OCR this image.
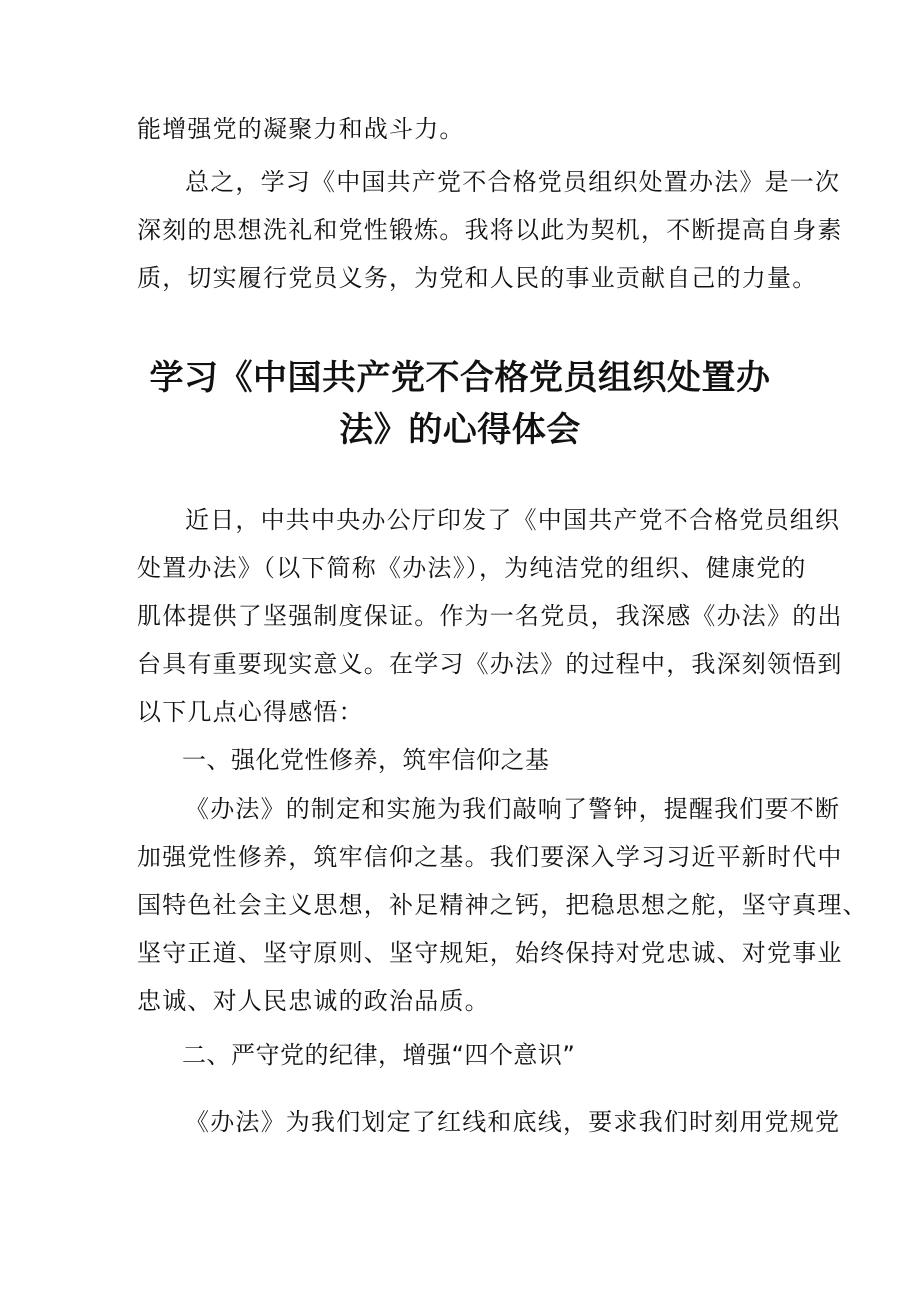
能增强党的凝聚力和战斗力。

总之，学习《中国共产党不合格党员组织处置办法》是一次

深刻的思想洗礼和党性锻炼。我将以此为契机，不断提高自身素

质，切实履行党员义务，为党和人民的事业贡献自己的力量。

学习《中国共产党不合格党员组织处置办
法》的心得体会

近日，中共中央办公厅印发了《中国共产党不合格党员组织

处置办法》（以下简称《办法》），为纯洁党的组织、健康党的

肌体提供了坚强制度保证。作为一名党员，我深感《办法》的出

台具有重要现实意义。在学习《办法》的过程中，我深刻领悟到

以下几点心得感悟：

一、强化党性修养，筑牢信仰之基

《办法》的制定和实施为我们敲响了警钟，提醒我们要不断

加强党性修养，筑牢信仰之基。我们要深入学习习近平新时代中

国特色社会主义思想，补足精神之钙，把稳思想之舵，坚守真理、

坚守正道、坚守原则、坚守规矩，始终保持对党忠诚、对党事业

忠诚、对人民忠诚的政治品质。

二、严守党的纪律，增强“四个意识”

《办法》为我们划定了红线和底线，要求我们时刻用党规党
